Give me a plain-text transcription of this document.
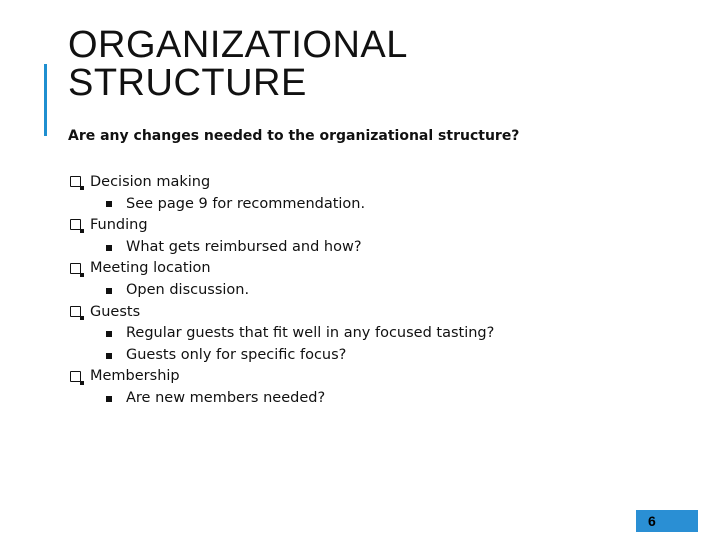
ORGANIZATIONAL
STRUCTURE

Are any changes needed to the organizational structure?

Decision making
See page 9 for recommendation.
Funding
What gets reimbursed and how?
Meeting location
Open discussion.
Guests
Regular guests that fit well in any focused tasting?
Guests only for specific focus?
Membership
Are new members needed?
6
